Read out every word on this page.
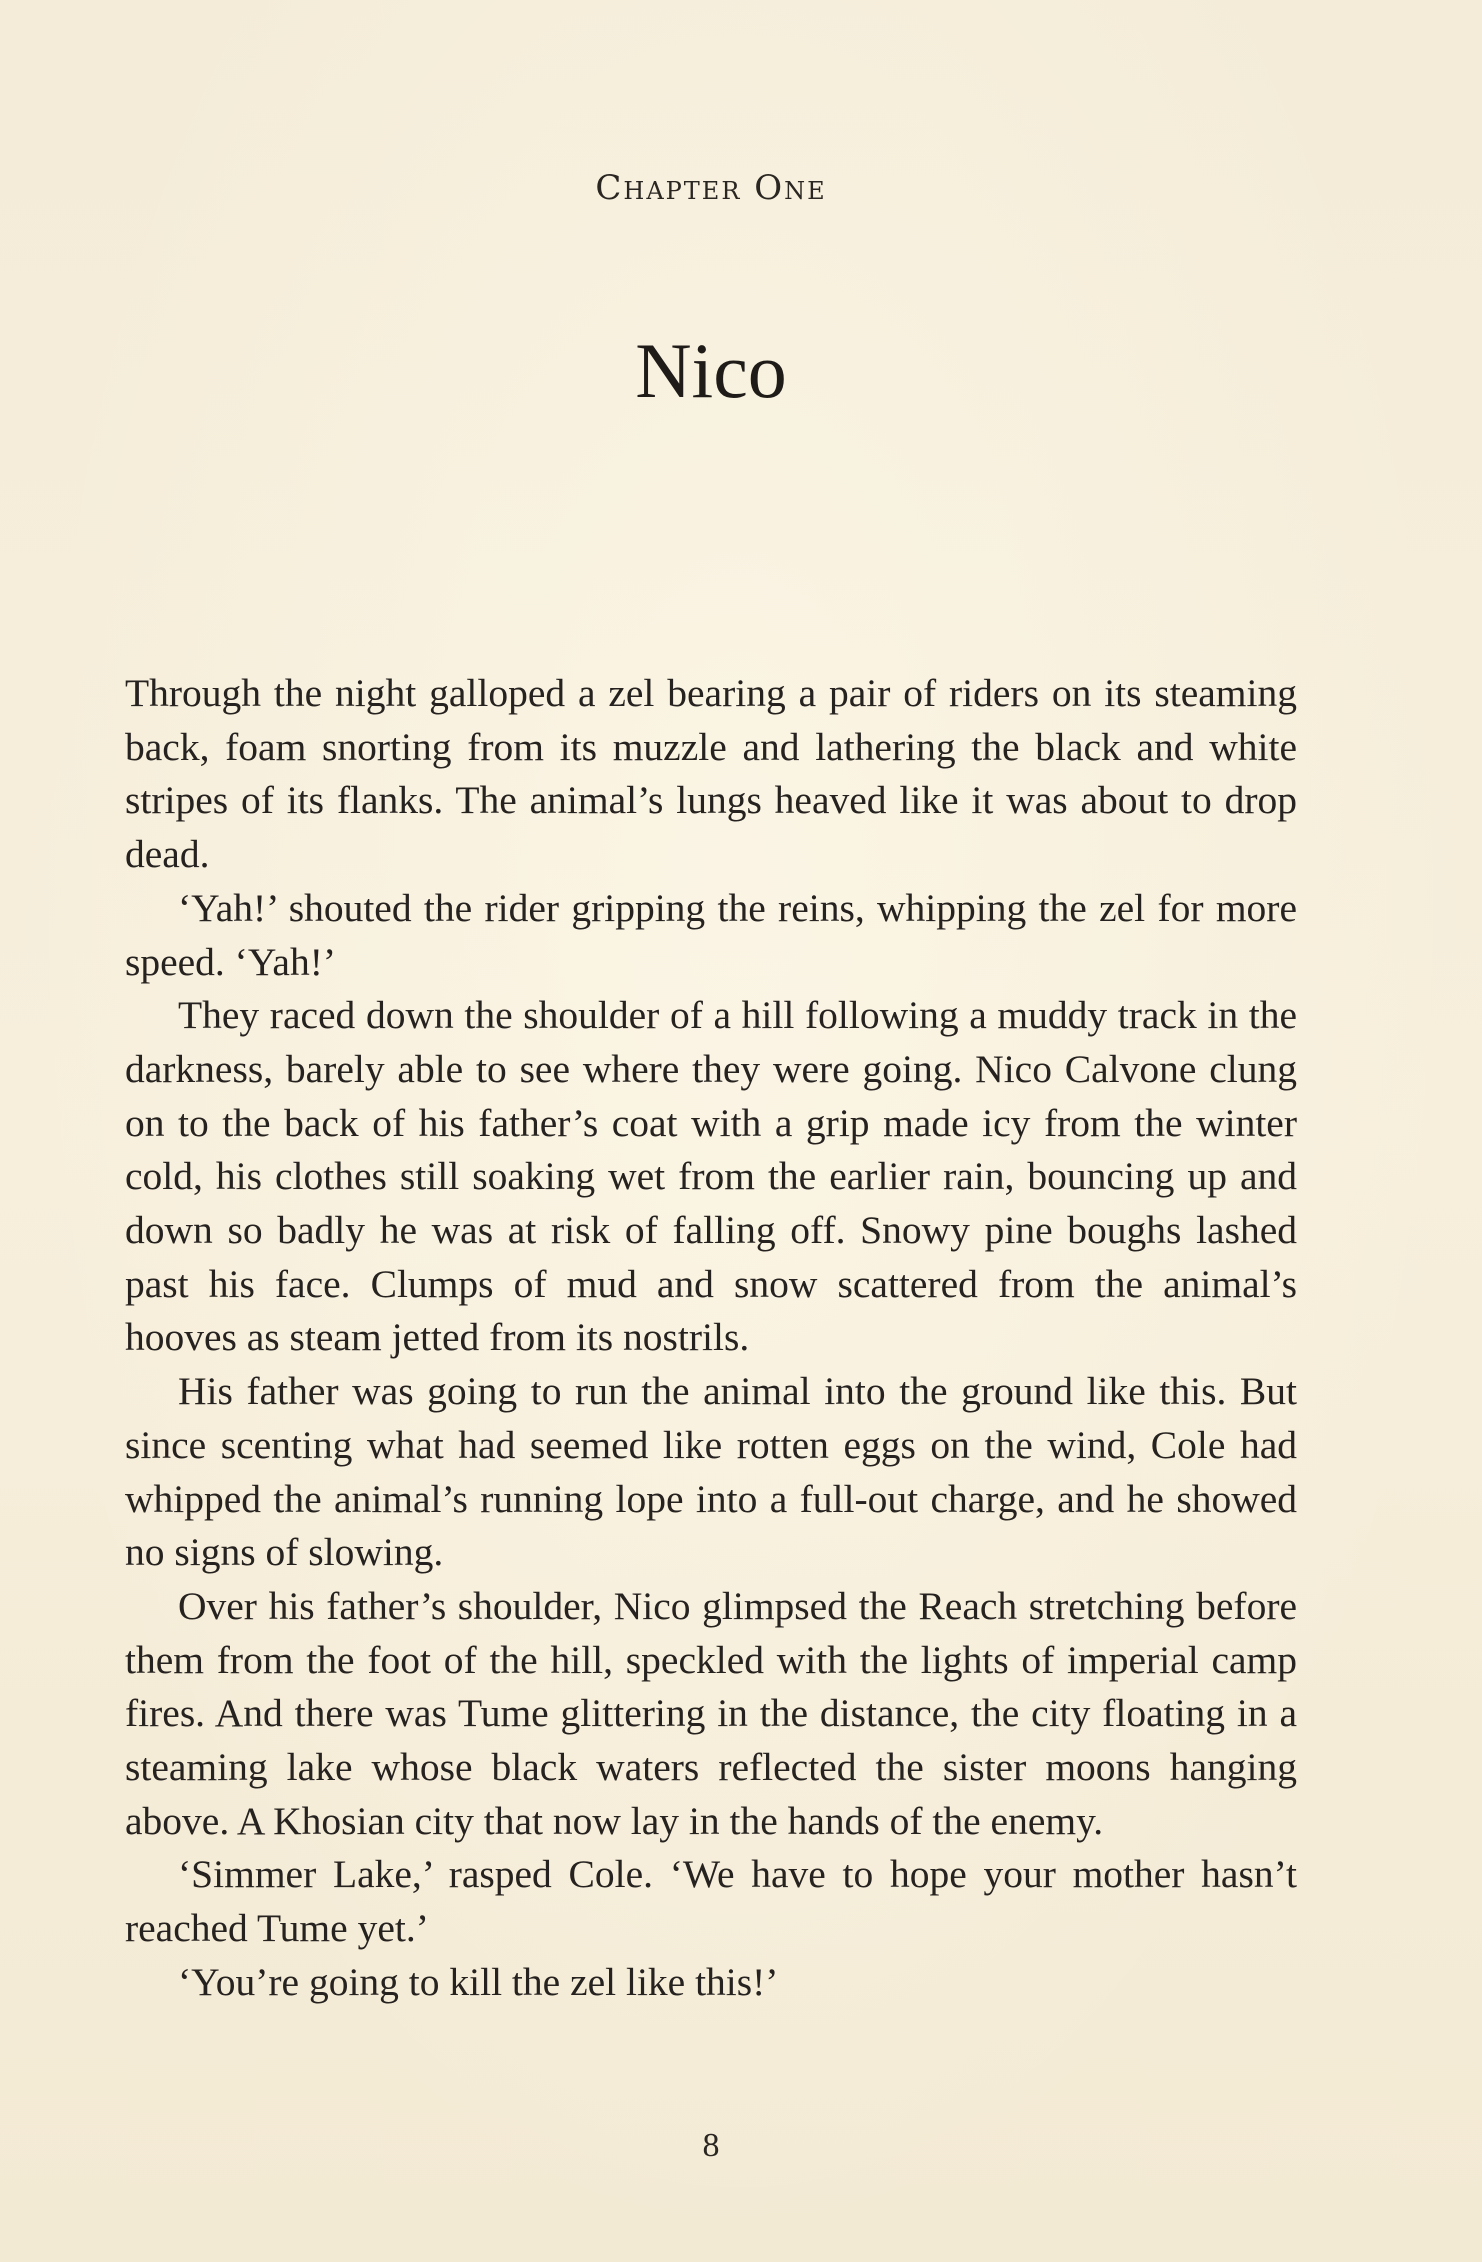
Chapter One
Nico

Through the night galloped a zel bearing a pair of riders on its steaming back, foam snorting from its muzzle and lathering the black and white stripes of its flanks. The animal’s lungs heaved like it was about to drop dead.

‘Yah!’ shouted the rider gripping the reins, whipping the zel for more speed. ‘Yah!’

They raced down the shoulder of a hill following a muddy track in the darkness, barely able to see where they were going. Nico Calvone clung on to the back of his father’s coat with a grip made icy from the winter cold, his clothes still soaking wet from the earlier rain, bouncing up and down so badly he was at risk of falling off. Snowy pine boughs lashed past his face. Clumps of mud and snow scattered from the animal’s hooves as steam jetted from its nostrils.

His father was going to run the animal into the ground like this. But since scenting what had seemed like rotten eggs on the wind, Cole had whipped the animal’s running lope into a full-out charge, and he showed no signs of slowing.

Over his father’s shoulder, Nico glimpsed the Reach stretching before them from the foot of the hill, speckled with the lights of imperial camp fires. And there was Tume glittering in the distance, the city floating in a steaming lake whose black waters reflected the sister moons hanging above. A Khosian city that now lay in the hands of the enemy.

‘Simmer Lake,’ rasped Cole. ‘We have to hope your mother hasn’t reached Tume yet.’

‘You’re going to kill the zel like this!’

8
